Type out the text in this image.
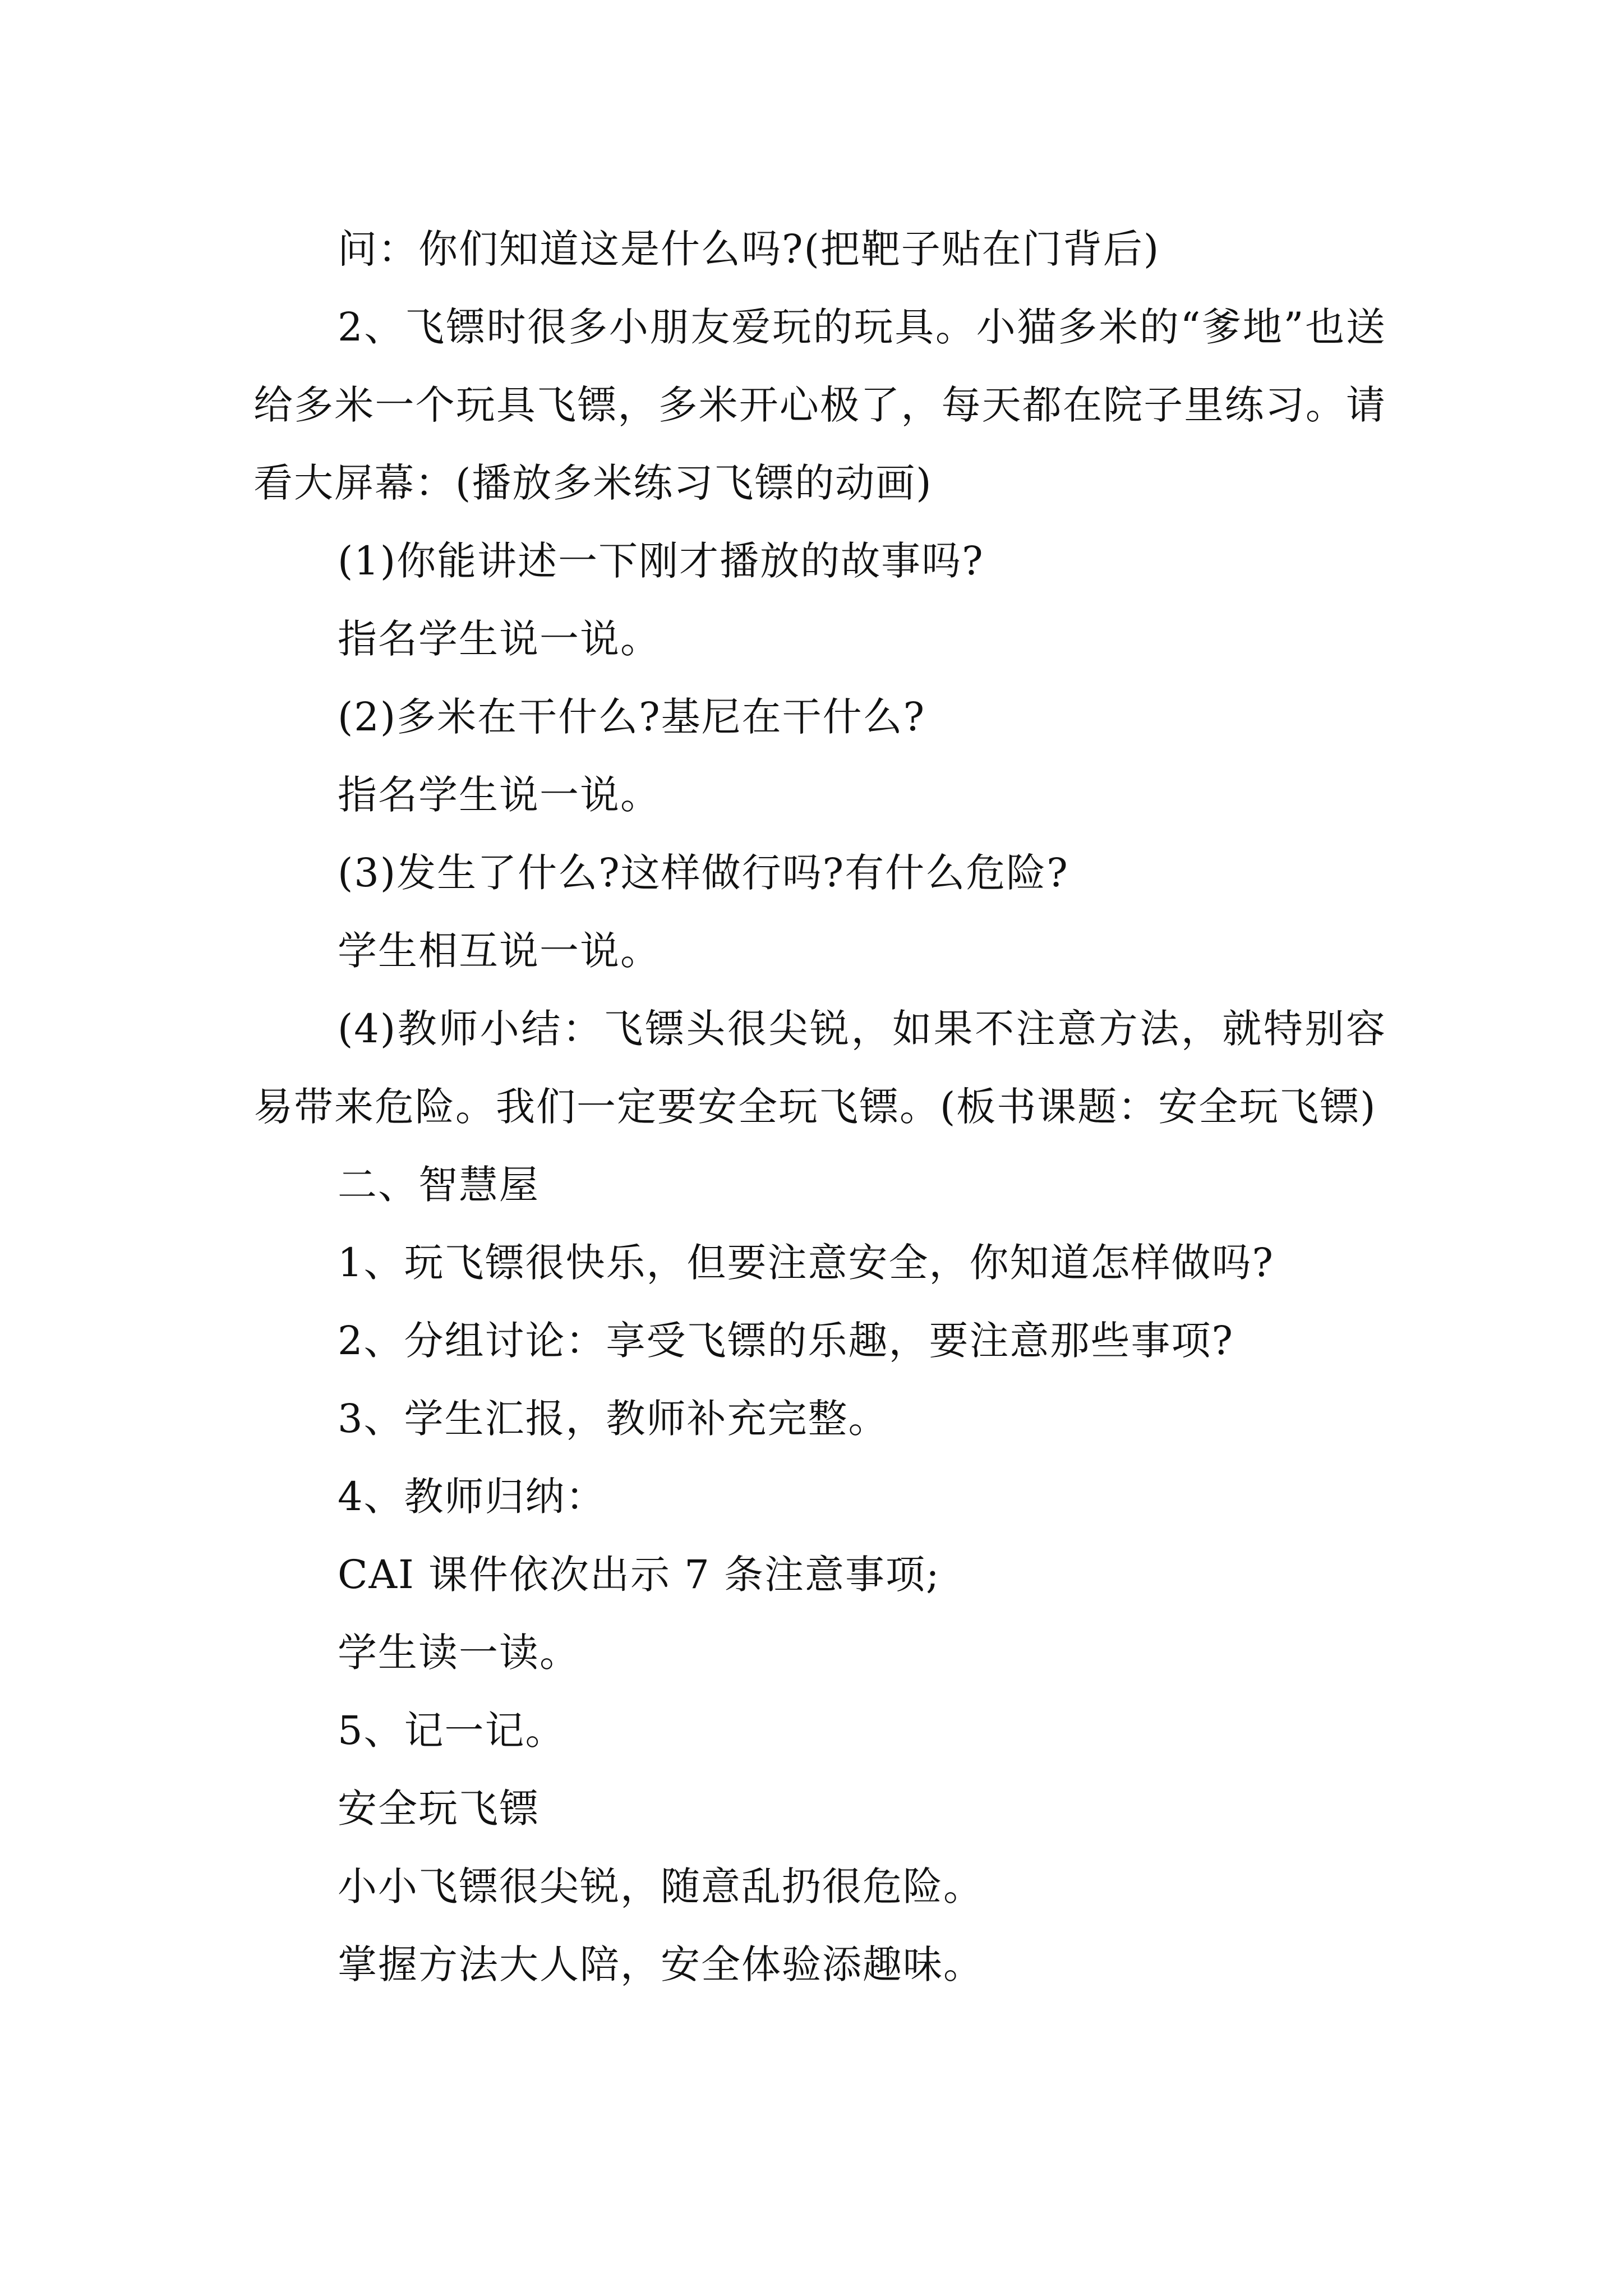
问：你们知道这是什么吗?(把靶子贴在门背后)

2、飞镖时很多小朋友爱玩的玩具。小猫多米的“爹地”也送给多米一个玩具飞镖，多米开心极了，每天都在院子里练习。请看大屏幕：(播放多米练习飞镖的动画)

(1)你能讲述一下刚才播放的故事吗?

指名学生说一说。

(2)多米在干什么?基尼在干什么?

指名学生说一说。

(3)发生了什么?这样做行吗?有什么危险?

学生相互说一说。

(4)教师小结：飞镖头很尖锐，如果不注意方法，就特别容易带来危险。我们一定要安全玩飞镖。(板书课题：安全玩飞镖)

二、智慧屋

1、玩飞镖很快乐，但要注意安全，你知道怎样做吗?

2、分组讨论：享受飞镖的乐趣，要注意那些事项?

3、学生汇报，教师补充完整。

4、教师归纳：

CAI 课件依次出示 7 条注意事项;

学生读一读。

5、记一记。

安全玩飞镖

小小飞镖很尖锐，随意乱扔很危险。

掌握方法大人陪，安全体验添趣味。
